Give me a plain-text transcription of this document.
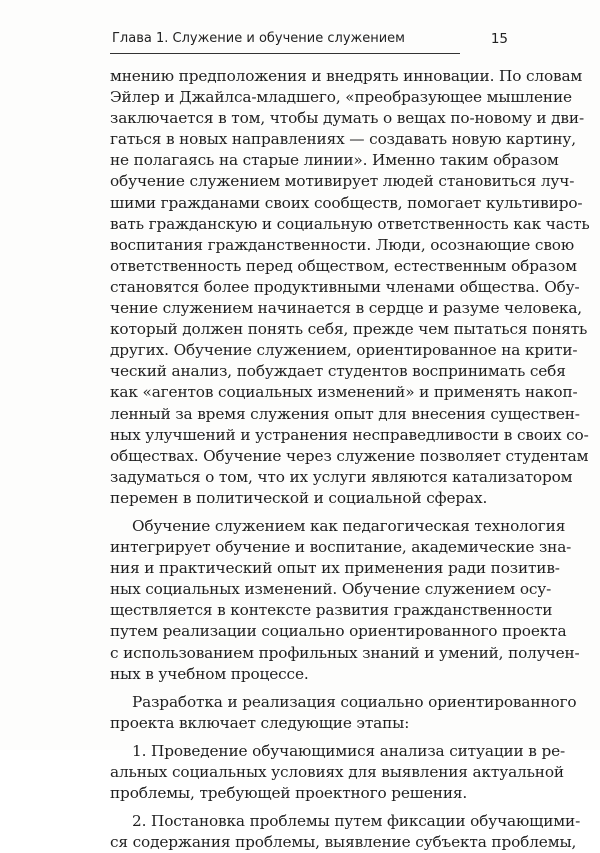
Глава 1. Служение и обучение служением	15
мнению предположения и внедрять инновации. По словам
Эйлер и Джайлса-младшего, «преобразующее мышление
заключается в том, чтобы думать о вещах по-новому и дви-
гаться в новых направлениях — создавать новую картину,
не полагаясь на старые линии». Именно таким образом
обучение служением мотивирует людей становиться луч-
шими гражданами своих сообществ, помогает культивиро-
вать гражданскую и социальную ответственность как часть
воспитания гражданственности. Люди, осознающие свою
ответственность перед обществом, естественным образом
становятся более продуктивными членами общества. Обу-
чение служением начинается в сердце и разуме человека,
который должен понять себя, прежде чем пытаться понять
других. Обучение служением, ориентированное на крити-
ческий анализ, побуждает студентов воспринимать себя
как «агентов социальных изменений» и применять накоп-
ленный за время служения опыт для внесения существен-
ных улучшений и устранения несправедливости в своих со-
обществах. Обучение через служение позволяет студентам
задуматься о том, что их услуги являются катализатором
перемен в политической и социальной сферах.
Обучение служением как педагогическая технология
интегрирует обучение и воспитание, академические зна-
ния и практический опыт их применения ради позитив-
ных социальных изменений. Обучение служением осу-
ществляется в контексте развития гражданственности
путем реализации социально ориентированного проекта
с использованием профильных знаний и умений, получен-
ных в учебном процессе.
Разработка и реализация социально ориентированного
проекта включает следующие этапы:
1. Проведение обучающимися анализа ситуации в ре-
альных социальных условиях для выявления актуальной
проблемы, требующей проектного решения.
2. Постановка проблемы путем фиксации обучающими-
ся содержания проблемы, выявление субъекта проблемы,
